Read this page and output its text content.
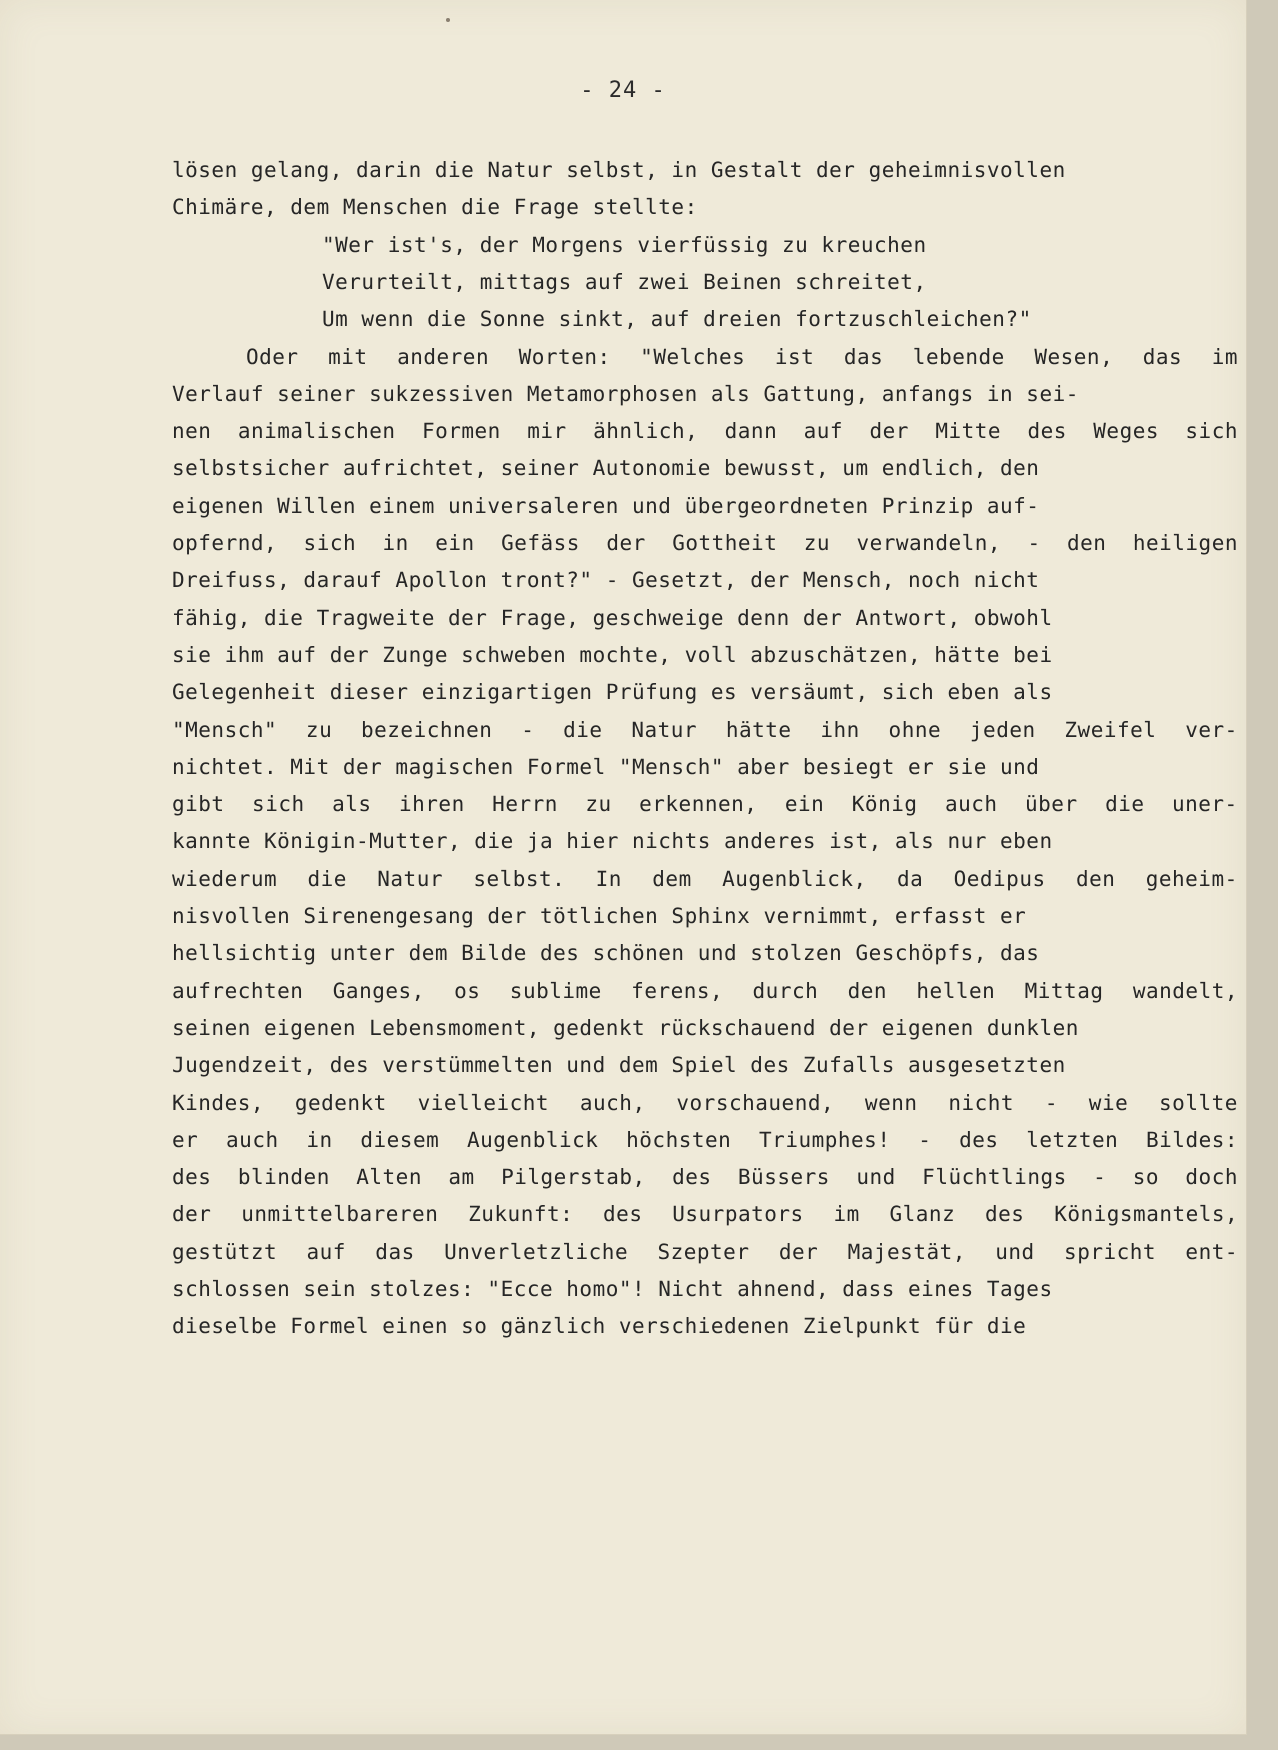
- 24 -
lösen gelang, darin die Natur selbst, in Gestalt der geheimnisvollen
Chimäre, dem Menschen die Frage stellte:
"Wer ist's, der Morgens vierfüssig zu kreuchen
Verurteilt, mittags auf zwei Beinen schreitet,
Um wenn die Sonne sinkt, auf dreien fortzuschleichen?"
Oder mit anderen Worten: "Welches ist das lebende Wesen, das im
Verlauf seiner sukzessiven Metamorphosen als Gattung, anfangs in sei-
nen animalischen Formen mir ähnlich, dann auf der Mitte des Weges sich
selbstsicher aufrichtet, seiner Autonomie bewusst, um endlich, den
eigenen Willen einem universaleren und übergeordneten Prinzip auf-
opfernd, sich in ein Gefäss der Gottheit zu verwandeln, - den heiligen
Dreifuss, darauf Apollon tront?" - Gesetzt, der Mensch, noch nicht
fähig, die Tragweite der Frage, geschweige denn der Antwort, obwohl
sie ihm auf der Zunge schweben mochte, voll abzuschätzen, hätte bei
Gelegenheit dieser einzigartigen Prüfung es versäumt, sich eben als
"Mensch" zu bezeichnen - die Natur hätte ihn ohne jeden Zweifel ver-
nichtet. Mit der magischen Formel "Mensch" aber besiegt er sie und
gibt sich als ihren Herrn zu erkennen, ein König auch über die uner-
kannte Königin-Mutter, die ja hier nichts anderes ist, als nur eben
wiederum die Natur selbst. In dem Augenblick, da Oedipus den geheim-
nisvollen Sirenengesang der tötlichen Sphinx vernimmt, erfasst er
hellsichtig unter dem Bilde des schönen und stolzen Geschöpfs, das
aufrechten Ganges, os sublime ferens, durch den hellen Mittag wandelt,
seinen eigenen Lebensmoment, gedenkt rückschauend der eigenen dunklen
Jugendzeit, des verstümmelten und dem Spiel des Zufalls ausgesetzten
Kindes, gedenkt vielleicht auch, vorschauend, wenn nicht - wie sollte
er auch in diesem Augenblick höchsten Triumphes! - des letzten Bildes:
des blinden Alten am Pilgerstab, des Büssers und Flüchtlings - so doch
der unmittelbareren Zukunft: des Usurpators im Glanz des Königsmantels,
gestützt auf das Unverletzliche Szepter der Majestät, und spricht ent-
schlossen sein stolzes: "Ecce homo"! Nicht ahnend, dass eines Tages
dieselbe Formel einen so gänzlich verschiedenen Zielpunkt für die
